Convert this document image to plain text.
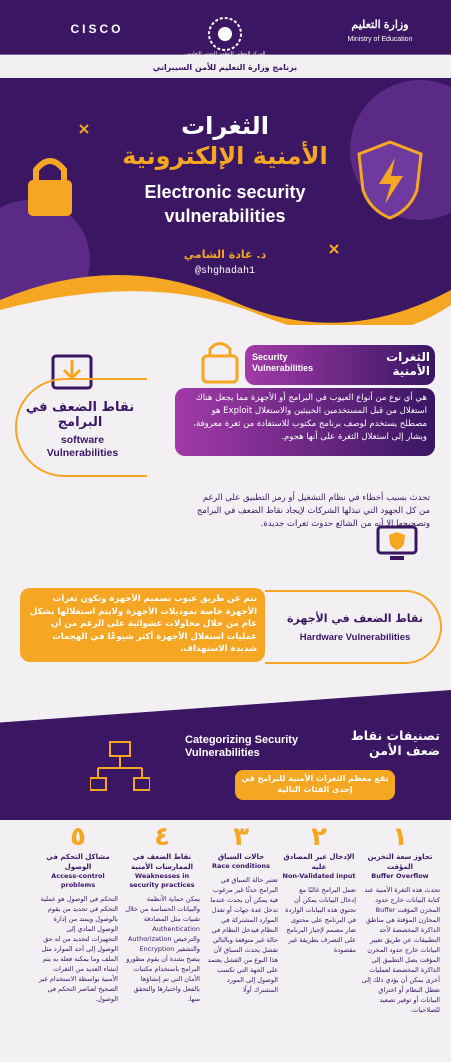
CISCO
المركز الوطني للتطوير المهني التعليمي
وزارة التعليم
Ministry of Education
برنامج وزارة التعليم للأمن السيبراني
الثغرات
الأمنية الإلكترونية
Electronic security
vulnerabilities
د. غادة الشامي
@shghadah1
Security Vulnerabilities
الثغرات الأمنية
هي أي نوع من أنواع العيوب في البرامج أو الأجهزة مما يجعل هناك استغلال من قبل المستخدمين الخبيثين والاستغلال Exploit هو مصطلح يستخدم لوصف برنامج مكتوب للاستفادة من ثغرة معروفة، ويشار إلى استغلال الثغرة على أنها هجوم.
نقاط الضعف في البرامج
software Vulnerabilities
تحدث بسبب أخطاء في نظام التشغيل أو رمز التطبيق على الرغم من كل الجهود التي تبذلها الشركات لإيجاد نقاط الضعف في البرامج وتصحيحها إلا أنه من الشائع حدوث ثغرات جديدة.
تتم عن طريق عيوب تصميم الأجهزة وتكون ثغرات الأجهزة خاصة بموديلات الأجهزة ولايتم استغلالها بشكل عام من خلال محاولات عشوائية على الرغم من أن عمليات استغلال الأجهزة أكثر شيوعًا في الهجمات شديدة الاستهداف.
نقاط الضعف في الأجهزة
Hardware Vulnerabilities
Categorizing Security Vulnerabilities
تصنيفات نقاط ضعف الأمن
تقع معظم الثغرات الأمنية للبرامج في إحدى الفئات التالية
١
تجاوز سعة التخزين المؤقت
Buffer Overflow
تحدث هذه الثغرة الأمنية عند كتابة البيانات خارج حدود المخزن المؤقت Buffer المخازن المؤقتة هي مناطق الذاكرة المخصصة لأحد التطبيقات عن طريق تغيير البيانات خارج حدود المخزن المؤقت يصل التطبيق إلى الذاكرة المخصصة لعمليات أخرى يمكن أن يؤدي ذلك إلى تعطل النظام أو اختراق البيانات أو توفير تصعيد للصلاحيات.
٢
الإدخال غير المصادق عليه
Non-Validated input
تعمل البرامج غالبًا مع إدخال البيانات يمكن أن تحتوي هذه البيانات الواردة في البرنامج على محتوى ضار مصمم لإجبار البرنامج على التصرف بطريقة غير مقصودة
٣
حالات السباق
Race conditions
تعتبر حالة السباق في البرامج حدثًا غير مرغوب فيه يمكن أن يحدث عندما تدخل عدة جهات أو تعدل الموارد المشتركة في النظام فيدخل النظام في حالة غير متوقعة وبالتالي تفشل يحدث السباق لأن هذا النوع من الفشل يعتمد على الجهة التي تكسب الوصول إلى المورد المشترك أولًا
٤
نقاط الضعف في الممارسات الأمنية
Weaknesses in security practices
يمكن حماية الأنظمة والبيانات الحساسة من خلال تقنيات مثل المصادقة Authentication والترخيص Authorization والتشفير Encryption ينصح بشدة أن يقوم مطورو البرامج باستخدام مكتبات الأمان التي تم إنشاؤها بالفعل واختبارها والتحقق منها.
٥
مشاكل التحكم في الوصول
Access-control problems
التحكم في الوصول هو عملية التحكم في تحديد من يقوم بالوصول ويمتد من إدارة الوصول المادي إلى التجهيزات لتحديد من له حق الوصول إلى أحد الموارد مثل الملف وما يمكنه فعله به يتم إنشاء العديد من الثغرات الأمنية بواسطة الاستخدام غير الصحيح لعناصر التحكم في الوصول.
